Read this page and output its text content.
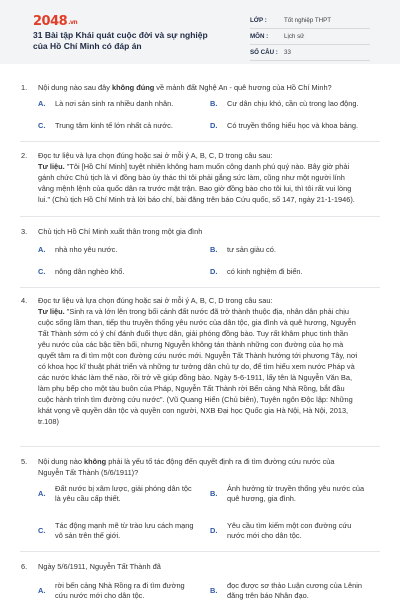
2048.vn
31 Bài tập Khái quát cuộc đời và sự nghiệp của Hồ Chí Minh có đáp án
LỚP :	Tốt nghiệp THPT
MÔN :	Lịch sử
SỐ CÂU : 33
1. Nội dung nào sau đây không đúng về mảnh đất Nghệ An - quê hương của Hồ Chí Minh?
A. Là nơi sản sinh ra nhiều danh nhân.	B. Cư dân chịu khó, cần cù trong lao động.
C. Trung tâm kinh tế lớn nhất cả nước.	D. Có truyền thống hiếu học và khoa bảng.
2. Đọc tư liệu và lựa chọn đúng hoặc sai ở mỗi ý A, B, C, D trong câu sau:
Tư liệu. "Tôi [Hồ Chí Minh] tuyệt nhiên không ham muốn công danh phú quý nào. Bây giờ phải
gánh chức Chủ tịch là vì đồng bào ủy thác thì tôi phải gắng sức làm, cũng như một người lính
vâng mệnh lệnh của quốc dân ra trước mặt trận. Bao giờ đồng bào cho tôi lui, thì tôi rất vui lòng
lui." (Chủ tịch Hồ Chí Minh trả lời báo chí, bài đăng trên báo Cứu quốc, số 147, ngày 21-1-1946).
3. Chủ tịch Hồ Chí Minh xuất thân trong một gia đình
A. nhà nho yêu nước.	B. tư sản giàu có.
C. nông dân nghèo khổ.	D. có kinh nghiệm đi biển.
4. Đọc tư liệu và lựa chọn đúng hoặc sai ở mỗi ý A, B, C, D trong câu sau:
Tư liệu. "Sinh ra và lớn lên trong bối cảnh đất nước đã trở thành thuộc địa, nhân dân phải chịu
cuộc sống lầm than, tiếp thu truyền thống yêu nước của dân tộc, gia đình và quê hương, Nguyễn
Tất Thành sớm có ý chí đánh đuổi thực dân, giải phóng đồng bào. Tuy rất khâm phục tinh thần
yêu nước của các bậc tiền bối, nhưng Nguyễn không tán thành những con đường của họ mà
quyết tâm ra đi tìm một con đường cứu nước mới. Nguyễn Tất Thành hướng tới phương Tây, nơi
có khoa học kĩ thuật phát triển và những tư tưởng dân chủ tự do, để tìm hiểu xem nước Pháp và
các nước khác làm thế nào, rồi trở về giúp đồng bào. Ngày 5-6-1911, lấy tên là Nguyễn Văn Ba,
làm phụ bếp cho một tàu buôn của Pháp, Nguyễn Tất Thành rời Bến cảng Nhà Rồng, bắt đầu
cuộc hành trình tìm đường cứu nước". (Vũ Quang Hiển (Chủ biên), Tuyên ngôn Độc lập: Những
khát vọng về quyền dân tộc và quyền con người, NXB Đại học Quốc gia Hà Nội, Hà Nội, 2013,
tr.108)
5. Nội dung nào không phải là yếu tố tác động đến quyết định ra đi tìm đường cứu nước của
Nguyễn Tất Thành (5/6/1911)?
A.
Đất nước bị xâm lược, giải phóng dân tộc
là yêu cầu cấp thiết.
B.
Ảnh hưởng từ truyền thống yêu nước của
quê hương, gia đình.
C.
Tác động mạnh mẽ từ trào lưu cách mạng
vô sản trên thế giới.
D.
Yêu cầu tìm kiếm một con đường cứu
nước mới cho dân tộc.
6. Ngày 5/6/1911, Nguyễn Tất Thành đã
A.
rời bến cảng Nhà Rồng ra đi tìm đường
cứu nước mới cho dân tộc.
B.
đọc được sơ thảo Luận cương của Lênin
đăng trên báo Nhân đạo.
